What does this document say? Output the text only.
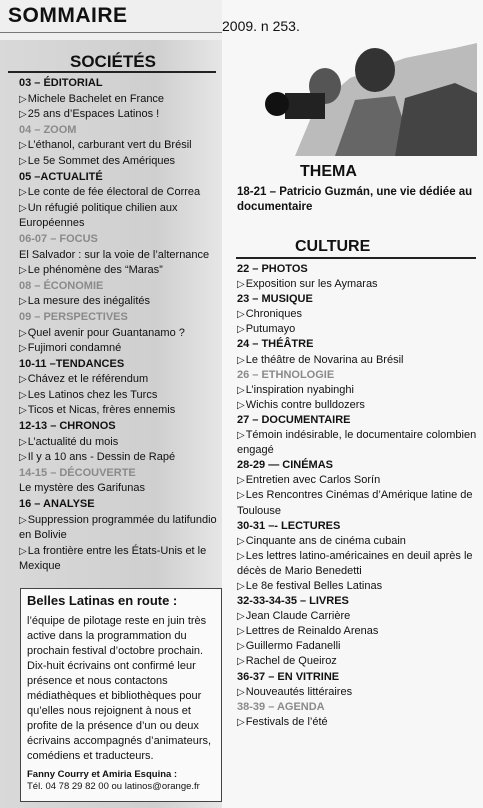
SOMMAIRE	2009. n 253.
SOCIÉTÉS
03 – ÉDITORIAL
▷ Michele Bachelet en France
▷ 25 ans d’Espaces Latinos !
04 – ZOOM
▷ L’éthanol, carburant vert du Brésil
▷ Le 5e Sommet des Amériques
05 –ACTUALITÉ
▷ Le conte de fée électoral de Correa
▷ Un réfugié politique chilien aux Européennes
06-07 – FOCUS
El Salvador : sur la voie de l’alternance
▷ Le phénomène des “Maras”
08 – ÉCONOMIE
▷ La mesure des inégalités
09 – PERSPECTIVES
▷ Quel avenir pour Guantanamo ?
▷ Fujimori condamné
10-11 –TENDANCES
▷ Chávez et le référendum
▷ Les Latinos chez les Turcs
▷ Ticos et Nicas, frères ennemis
12-13 – CHRONOS
▷ L’actualité du mois
▷ Il y a 10 ans - Dessin de Rapé
14-15 – DÉCOUVERTE
Le mystère des Garifunas
16 – ANALYSE
▷ Suppression programmée du latifundio en Bolivie
▷ La frontière entre les États-Unis et le Mexique
THEMA
18-21 – Patricio Guzmán, une vie dédiée au documentaire
CULTURE
22 – PHOTOS
▷ Exposition sur les Aymaras
23 – MUSIQUE
▷ Chroniques
▷ Putumayo
24 – THÉÂTRE
▷ Le théâtre de Novarina au Brésil
26 – ETHNOLOGIE
▷ L’inspiration nyabinghi
▷ Wichis contre bulldozers
27 – DOCUMENTAIRE
▷ Témoin indésirable, le documentaire colombien engagé
28-29 — CINÉMAS
▷ Entretien avec Carlos Sorín
▷ Les Rencontres Cinémas d’Amérique latine de Toulouse
30-31 –- LECTURES
▷ Cinquante ans de cinéma cubain
▷ Les lettres latino-américaines en deuil après le décès de Mario Benedetti
▷ Le 8e festival Belles Latinas
32-33-34-35 – LIVRES
▷ Jean Claude Carrière
▷ Lettres de Reinaldo Arenas
▷ Guillermo Fadanelli
▷ Rachel de Queiroz
36-37 – EN VITRINE
▷ Nouveautés littéraires
38-39 – AGENDA
▷ Festivals de l’été
Belles Latinas en route :
l’équipe de pilotage reste en juin très active dans la programmation du prochain festival d’octobre prochain. Dix-huit écrivains ont confirmé leur présence et nous contactons médiathèques et bibliothèques pour qu’elles nous rejoignent à nous et profite de la présence d’un ou deux écrivains accompagnés d’animateurs, comédiens et traducteurs.
Fanny Courry et Amiria Esquina :
Tél. 04 78 29 82 00 ou latinos@orange.fr
